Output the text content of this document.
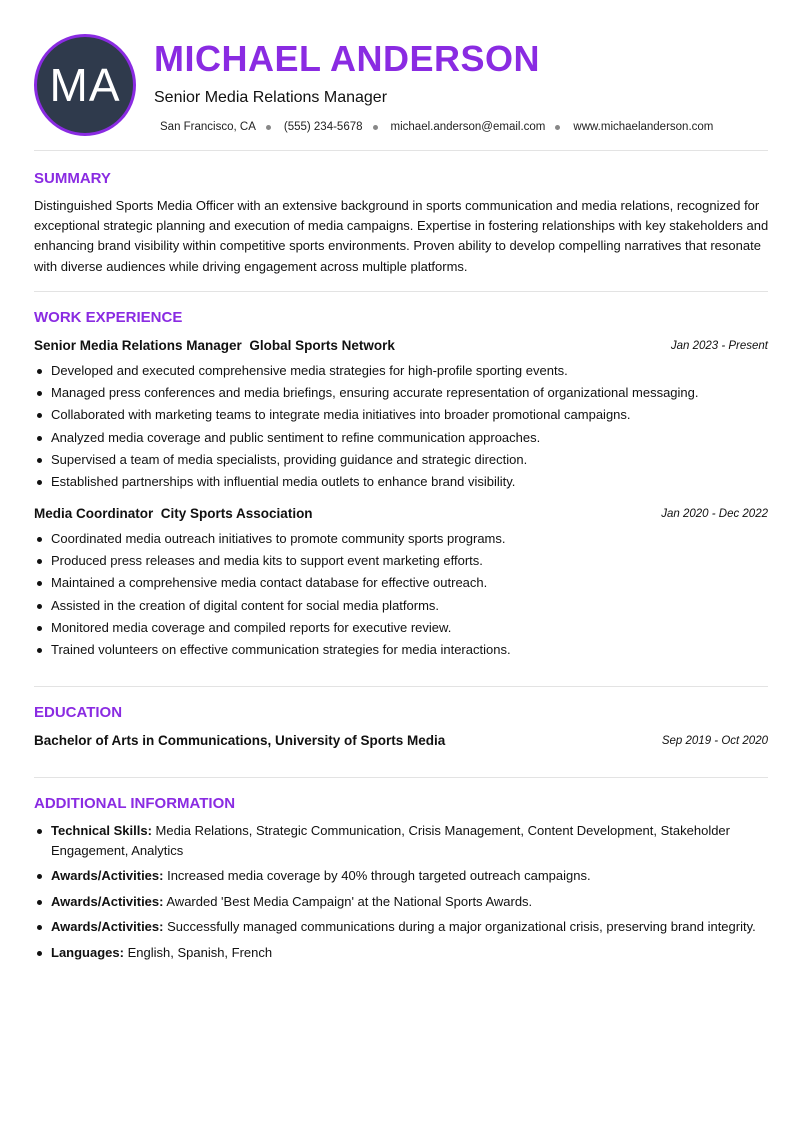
MA
MICHAEL ANDERSON
Senior Media Relations Manager
San Francisco, CA (555) 234-5678 michael.anderson@email.com www.michaelanderson.com
SUMMARY

Distinguished Sports Media Officer with an extensive background in sports communication and media relations, recognized for exceptional strategic planning and execution of media campaigns. Expertise in fostering relationships with key stakeholders and enhancing brand visibility within competitive sports environments. Proven ability to develop compelling narratives that resonate with diverse audiences while driving engagement across multiple platforms.

WORK EXPERIENCE
Senior Media Relations Manager Global Sports Network	Jan 2023 - Present
Developed and executed comprehensive media strategies for high-profile sporting events.
Managed press conferences and media briefings, ensuring accurate representation of organizational messaging.
Collaborated with marketing teams to integrate media initiatives into broader promotional campaigns.
Analyzed media coverage and public sentiment to refine communication approaches.
Supervised a team of media specialists, providing guidance and strategic direction.
Established partnerships with influential media outlets to enhance brand visibility.
Media Coordinator City Sports Association	Jan 2020 - Dec 2022
Coordinated media outreach initiatives to promote community sports programs.
Produced press releases and media kits to support event marketing efforts.
Maintained a comprehensive media contact database for effective outreach.
Assisted in the creation of digital content for social media platforms.
Monitored media coverage and compiled reports for executive review.
Trained volunteers on effective communication strategies for media interactions.
EDUCATION
Bachelor of Arts in Communications, University of Sports Media	Sep 2019 - Oct 2020
ADDITIONAL INFORMATION
Technical Skills: Media Relations, Strategic Communication, Crisis Management, Content Development, Stakeholder Engagement, Analytics
Awards/Activities: Increased media coverage by 40% through targeted outreach campaigns.
Awards/Activities: Awarded 'Best Media Campaign' at the National Sports Awards.
Awards/Activities: Successfully managed communications during a major organizational crisis, preserving brand integrity.
Languages: English, Spanish, French
